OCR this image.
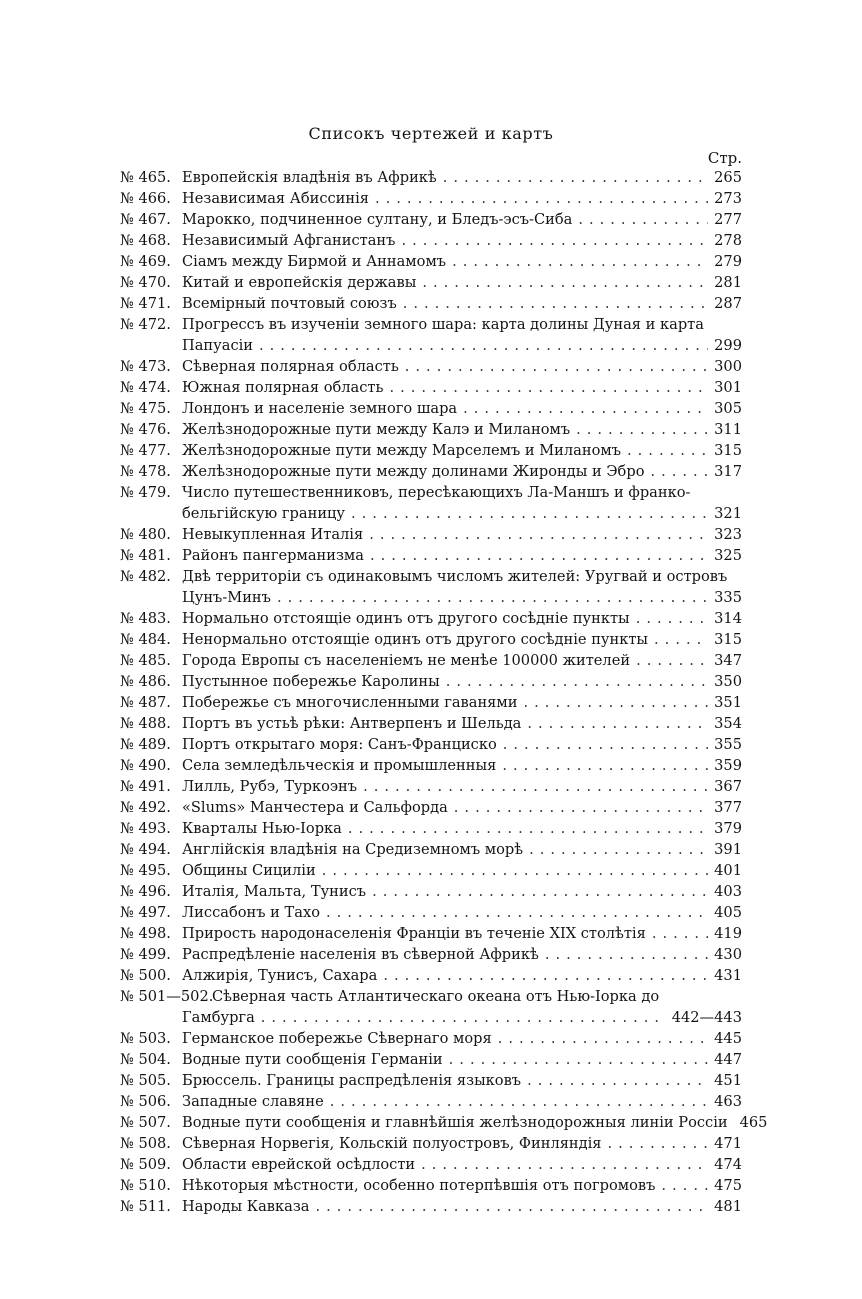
Списокъ чертежей и картъ
Стр.
№ 465. Европейскія владѣнія въ Африкѣ .....	265
№ 466. Независимая Абиссинія .....	273
№ 467. Марокко, подчиненное султану, и Бледъ-эсъ-Сиба .....	277
№ 468. Независимый Афганистанъ .....	278
№ 469. Сіамъ между Бирмой и Аннамомъ .....	279
№ 470. Китай и европейскія державы .....	281
№ 471. Всемірный почтовый союзъ .....	287
№ 472. Прогрессъ въ изученіи земного шара: карта долины Дуная и карта
Папуасіи .....	299
№ 473. Сѣверная полярная область .....	300
№ 474. Южная полярная область .....	301
№ 475. Лондонъ и населеніе земного шара .....	305
№ 476. Желѣзнодорожные пути между Калэ и Миланомъ .....	311
№ 477. Желѣзнодорожные пути между Марселемъ и Миланомъ .....	315
№ 478. Желѣзнодорожные пути между долинами Жиронды и Эбро .....	317
№ 479. Число путешественниковъ, пересѣкающихъ Ла-Маншъ и франко-
бельгійскую границу .....	321
№ 480. Невыкупленная Италія .....	323
№ 481. Районъ пангерманизма .....	325
№ 482. Двѣ территоріи съ одинаковымъ числомъ жителей: Уругвай и островъ
Цунъ-Минъ .....	335
№ 483. Нормально отстоящіе одинъ отъ другого сосѣдніе пункты .....	314
№ 484. Ненормально отстоящіе одинъ отъ другого сосѣдніе пункты .....	315
№ 485. Города Европы съ населеніемъ не менѣе 100000 жителей .....	347
№ 486. Пустынное побережье Каролины .....	350
№ 487. Побережье съ многочисленными гаванями .....	351
№ 488. Портъ въ устьѣ рѣки: Антверпенъ и Шельда .....	354
№ 489. Портъ открытаго моря: Санъ-Франциско .....	355
№ 490. Села земледѣльческія и промышленныя .....	359
№ 491. Лилль, Рубэ, Туркоэнъ .....	367
№ 492. «Slums» Манчестера и Сальфорда .....	377
№ 493. Кварталы Нью-Іорка .....	379
№ 494. Англійскія владѣнія на Средиземномъ морѣ .....	391
№ 495. Общины Сициліи .....	401
№ 496. Италія, Мальта, Тунисъ .....	403
№ 497. Лиссабонъ и Тахо .....	405
№ 498. Прирость народонаселенія Франціи въ теченіе XIX столѣтія .....	419
№ 499. Распредѣленіе населенія въ сѣверной Африкѣ .....	430
№ 500. Алжирія, Тунисъ, Сахара .....	431
№ 501—502.
Сѣверная часть Атлантическаго океана отъ Нью-Іорка до
Гамбурга .....	442—443
№ 503. Германское побережье Сѣвернаго моря .....	445
№ 504. Водные пути сообщенія Германіи .....	447
№ 505. Брюссель. Границы распредѣленія языковъ .....	451
№ 506. Западные славяне .....	463
№ 507. Водные пути сообщенія и главнѣйшія желѣзнодорожныя линіи Россіи 465
№ 508. Сѣверная Норвегія, Кольскій полуостровъ, Финляндія .....	471
№ 509. Области еврейской осѣдлости .....	474
№ 510. Нѣкоторыя мѣстности, особенно потерпѣвшія отъ погромовъ .....	475
№ 511. Народы Кавказа .....	481
